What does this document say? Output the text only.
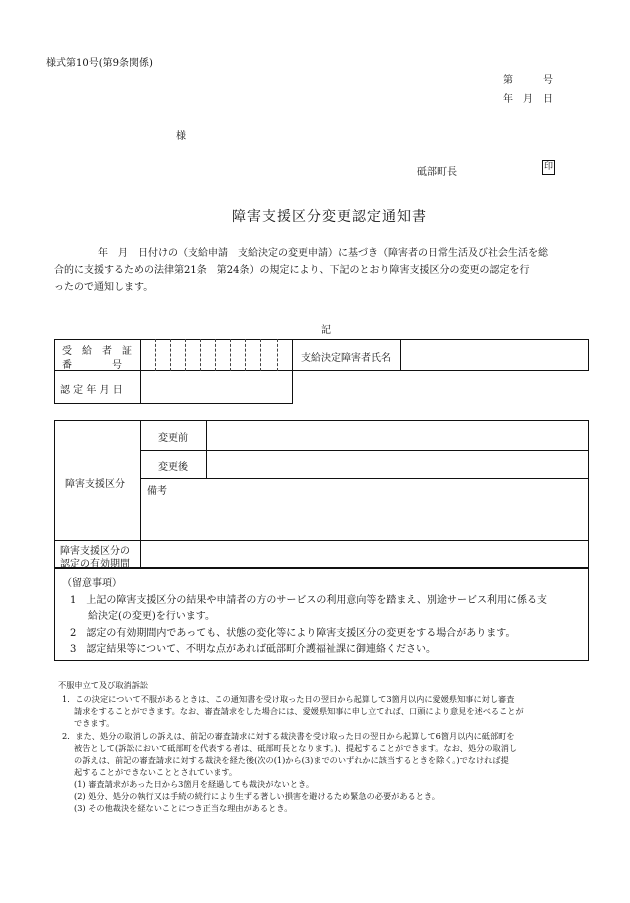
様式第10号(第9条関係)
第　　　号
年　月　日
様
砥部町長	印
障害支援区分変更認定通知書
年　月　日付けの（支給申請　支給決定の変更申請）に基づき（障害者の日常生活及び社会生活を総
合的に支援するための法律第21条　第24条）の規定により、下記のとおり障害支援区分の変更の認定を行
ったので通知します。
記
受　給　者　証
番　　　　号
支給決定障害者氏名
認 定 年 月 日
障害支援区分
変更前
変更後
備考
障害支援区分の
認定の有効期間
（留意事項）
1　上記の障害支援区分の結果や申請者の方のサービスの利用意向等を踏まえ、別途サービス利用に係る支
給決定(の変更)を行います。
2　認定の有効期間内であっても、状態の変化等により障害支援区分の変更をする場合があります。
3　認定結果等について、不明な点があれば砥部町介護福祉課に御連絡ください。
不服申立て及び取消訴訟
1．この決定について不服があるときは、この通知書を受け取った日の翌日から起算して3箇月以内に愛媛県知事に対し審査
請求をすることができます。なお、審査請求をした場合には、愛媛県知事に申し立てれば、口頭により意見を述べることが
できます。
2．また、処分の取消しの訴えは、前記の審査請求に対する裁決書を受け取った日の翌日から起算して6箇月以内に砥部町を
被告として(訴訟において砥部町を代表する者は、砥部町長となります。)、提起することができます。なお、処分の取消し
の訴えは、前記の審査請求に対する裁決を経た後(次の(1)から(3)までのいずれかに該当するときを除く。)でなければ提
起することができないこととされています。
(1) 審査請求があった日から3箇月を経過しても裁決がないとき。
(2) 処分、処分の執行又は手続の続行により生ずる著しい損害を避けるため緊急の必要があるとき。
(3) その他裁決を経ないことにつき正当な理由があるとき。
